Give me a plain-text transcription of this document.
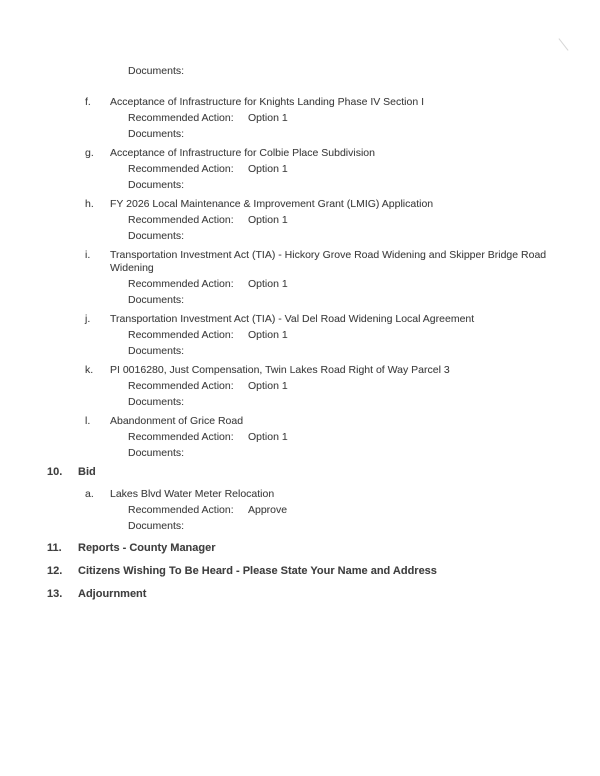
Documents:
f. Acceptance of Infrastructure for Knights Landing Phase IV Section I
Recommended Action: Option 1
Documents:
g. Acceptance of Infrastructure for Colbie Place Subdivision
Recommended Action: Option 1
Documents:
h. FY 2026 Local Maintenance & Improvement Grant (LMIG) Application
Recommended Action: Option 1
Documents:
i. Transportation Investment Act (TIA) - Hickory Grove Road Widening and Skipper Bridge Road Widening
Recommended Action: Option 1
Documents:
j. Transportation Investment Act (TIA) - Val Del Road Widening Local Agreement
Recommended Action: Option 1
Documents:
k. PI 0016280, Just Compensation, Twin Lakes Road Right of Way Parcel 3
Recommended Action: Option 1
Documents:
l. Abandonment of Grice Road
Recommended Action: Option 1
Documents:
10. Bid
a. Lakes Blvd Water Meter Relocation
Recommended Action: Approve
Documents:
11. Reports - County Manager
12. Citizens Wishing To Be Heard - Please State Your Name and Address
13. Adjournment
